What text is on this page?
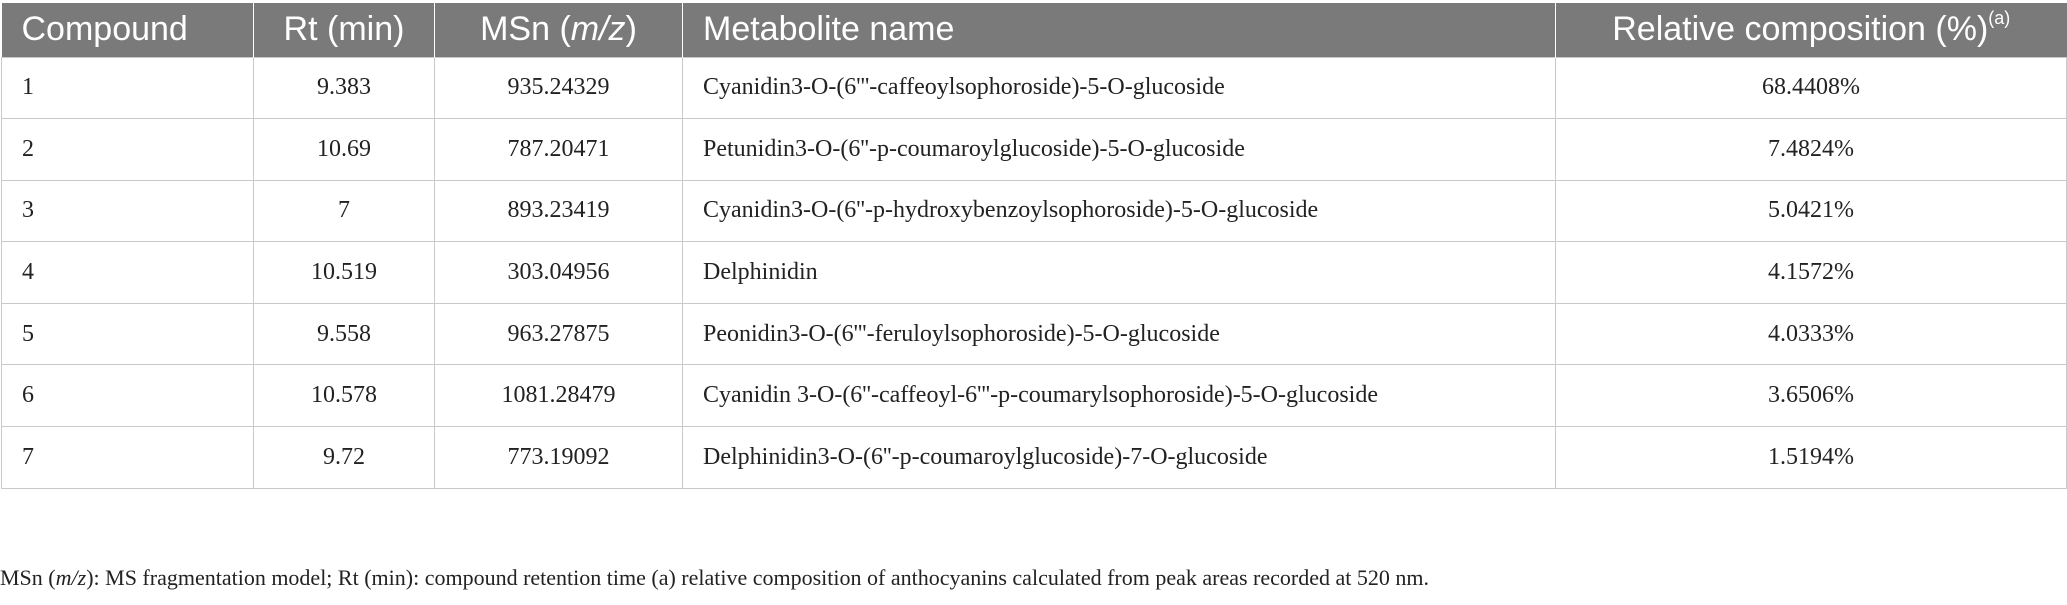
Compound	Rt (min)	MSn (m/z)	Metabolite name	Relative composition (%)$^{(a)}$
1	9.383	935.24329	Cyanidin3-O-(6'''-caffeoylsophoroside)-5-O-glucoside	68.4408%
2	10.69	787.20471	Petunidin3-O-(6''-p-coumaroylglucoside)-5-O-glucoside	7.4824%
3	7	893.23419	Cyanidin3-O-(6''-p-hydroxybenzoylsophoroside)-5-O-glucoside	5.0421%
4	10.519	303.04956	Delphinidin	4.1572%
5	9.558	963.27875	Peonidin3-O-(6'''-feruloylsophoroside)-5-O-glucoside	4.0333%
6	10.578	1081.28479	Cyanidin 3-O-(6''-caffeoyl-6'''-p-coumarylsophoroside)-5-O-glucoside	3.6506%
7	9.72	773.19092	Delphinidin3-O-(6''-p-coumaroylglucoside)-7-O-glucoside	1.5194%
MSn (m/z): MS fragmentation model; Rt (min): compound retention time (a) relative composition of anthocyanins calculated from peak areas recorded at 520 nm.
